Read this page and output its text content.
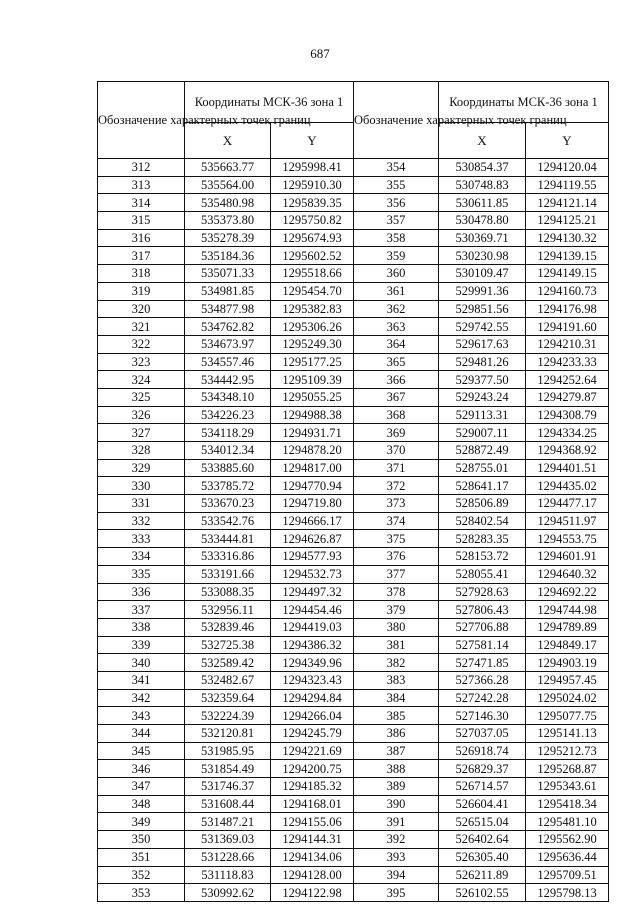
687
Обозначение характерных точек границ	Координаты МСК-36 зона 1	
	X	Y
312	535663.77	1295998.41
313	535564.00	1295910.30
314	535480.98	1295839.35
315	535373.80	1295750.82
316	535278.39	1295674.93
317	535184.36	1295602.52
318	535071.33	1295518.66
319	534981.85	1295454.70
320	534877.98	1295382.83
321	534762.82	1295306.26
322	534673.97	1295249.30
323	534557.46	1295177.25
324	534442.95	1295109.39
325	534348.10	1295055.25
326	534226.23	1294988.38
327	534118.29	1294931.71
328	534012.34	1294878.20
329	533885.60	1294817.00
330	533785.72	1294770.94
331	533670.23	1294719.80
332	533542.76	1294666.17
333	533444.81	1294626.87
334	533316.86	1294577.93
335	533191.66	1294532.73
336	533088.35	1294497.32
337	532956.11	1294454.46
338	532839.46	1294419.03
339	532725.38	1294386.32
340	532589.42	1294349.96
341	532482.67	1294323.43
342	532359.64	1294294.84
343	532224.39	1294266.04
344	532120.81	1294245.79
345	531985.95	1294221.69
346	531854.49	1294200.75
347	531746.37	1294185.32
348	531608.44	1294168.01
349	531487.21	1294155.06
350	531369.03	1294144.31
351	531228.66	1294134.06
352	531118.83	1294128.00
353	530992.62	1294122.98
Обозначение характерных точек границ	Координаты МСК-36 зона 1	
	X	Y
354	530854.37	1294120.04
355	530748.83	1294119.55
356	530611.85	1294121.14
357	530478.80	1294125.21
358	530369.71	1294130.32
359	530230.98	1294139.15
360	530109.47	1294149.15
361	529991.36	1294160.73
362	529851.56	1294176.98
363	529742.55	1294191.60
364	529617.63	1294210.31
365	529481.26	1294233.33
366	529377.50	1294252.64
367	529243.24	1294279.87
368	529113.31	1294308.79
369	529007.11	1294334.25
370	528872.49	1294368.92
371	528755.01	1294401.51
372	528641.17	1294435.02
373	528506.89	1294477.17
374	528402.54	1294511.97
375	528283.35	1294553.75
376	528153.72	1294601.91
377	528055.41	1294640.32
378	527928.63	1294692.22
379	527806.43	1294744.98
380	527706.88	1294789.89
381	527581.14	1294849.17
382	527471.85	1294903.19
383	527366.28	1294957.45
384	527242.28	1295024.02
385	527146.30	1295077.75
386	527037.05	1295141.13
387	526918.74	1295212.73
388	526829.37	1295268.87
389	526714.57	1295343.61
390	526604.41	1295418.34
391	526515.04	1295481.10
392	526402.64	1295562.90
393	526305.40	1295636.44
394	526211.89	1295709.51
395	526102.55	1295798.13
